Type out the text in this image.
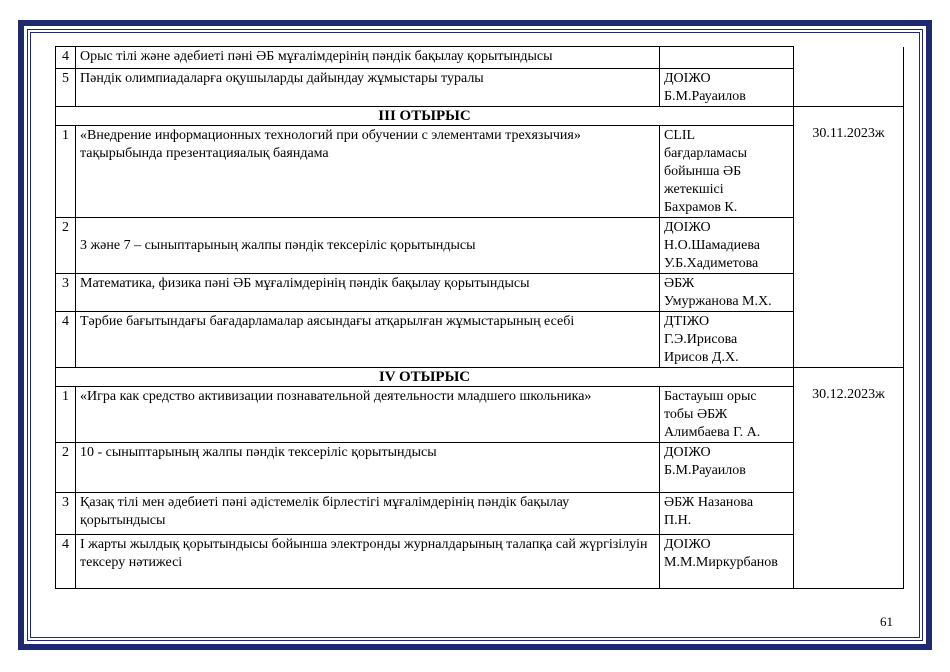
4	Орыс тілі және әдебиеті пәні ӘБ мұғалімдерінің пәндік бақылау қорытындысы		
5	Пәндік олимпиадаларға оқушыларды дайындау жұмыстары туралы	ДОІЖО
Б.М.Рауаилов	

III ОТЫРЫС			30.11.2023ж
1	«Внедрение информационных технологий при обучении с элементами трехязычия» тақырыбында презентацияалық баяндама	CLIL
бағдарламасы
бойынша ӘБ
жетекшісі
Бахрамов К.	

2	3 және 7 – сыныптарының жалпы пәндік тексеріліс қорытындысы	ДОІЖО
Н.О.Шамадиева
У.Б.Хадиметова	

3	Математика, физика пәні ӘБ мұғалімдерінің пәндік бақылау қорытындысы	ӘБЖ
Умуржанова М.Х.	

4	Тәрбие бағытындағы бағадарламалар аясындағы атқарылған жұмыстарының есебі	ДТІЖО
Г.Э.Ирисова
Ирисов Д.Х.	

IV ОТЫРЫС			30.12.2023ж
1	«Игра как средство активизации познавательной деятельности младшего школьника»	Бастауыш орыс
тобы ӘБЖ
Алимбаева Г. А.	

2	10 - сыныптарының жалпы пәндік тексеріліс қорытындысы	ДОІЖО
Б.М.Рауаилов	

3	Қазақ тілі мен әдебиеті пәні әдістемелік бірлестігі мұғалімдерінің пәндік бақылау қорытындысы	ӘБЖ Назанова
П.Н.	

4	І жарты жылдық қорытындысы бойынша электронды журналдарының талапқа сай жүргізілуін тексеру нәтижесі	ДОІЖО
М.М.Миркурбанов	
61
